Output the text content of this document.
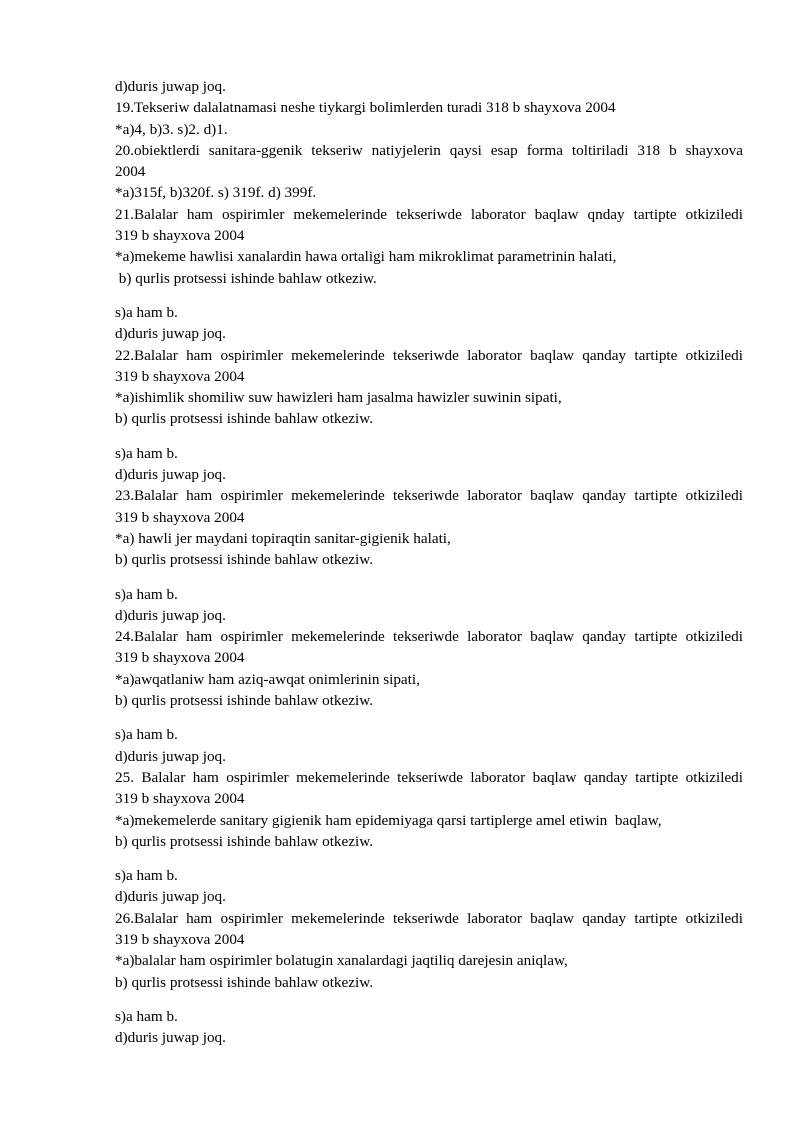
d)duris juwap joq.
19.Tekseriw dalalatnamasi neshe tiykargi bolimlerden turadi 318 b shayxova 2004
*a)4, b)3. s)2. d)1.
20.obiektlerdi sanitara-ggenik tekseriw natiyjelerin qaysi esap forma toltiriladi 318 b shayxova
2004
*a)315f, b)320f. s) 319f. d) 399f.
21.Balalar ham ospirimler mekemelerinde tekseriwde laborator baqlaw qnday tartipte otkiziledi
319 b shayxova 2004
*a)mekeme hawlisi xanalardin hawa ortaligi ham mikroklimat parametrinin halati,
b) qurlis protsessi ishinde bahlaw otkeziw.
s)a ham b.
d)duris juwap joq.
22.Balalar ham ospirimler mekemelerinde tekseriwde laborator baqlaw qanday tartipte otkiziledi
319 b shayxova 2004
*a)ishimlik shomiliw suw hawizleri ham jasalma hawizler suwinin sipati,
b) qurlis protsessi ishinde bahlaw otkeziw.
s)a ham b.
d)duris juwap joq.
23.Balalar ham ospirimler mekemelerinde tekseriwde laborator baqlaw qanday tartipte otkiziledi
319 b shayxova 2004
*a) hawli jer maydani topiraqtin sanitar-gigienik halati,
b) qurlis protsessi ishinde bahlaw otkeziw.
s)a ham b.
d)duris juwap joq.
24.Balalar ham ospirimler mekemelerinde tekseriwde laborator baqlaw qanday tartipte otkiziledi
319 b shayxova 2004
*a)awqatlaniw ham aziq-awqat onimlerinin sipati,
b) qurlis protsessi ishinde bahlaw otkeziw.
s)a ham b.
d)duris juwap joq.
25. Balalar ham ospirimler mekemelerinde tekseriwde laborator baqlaw qanday tartipte otkiziledi
319 b shayxova 2004
*a)mekemelerde sanitary gigienik ham epidemiyaga qarsi tartiplerge amel etiwin  baqlaw,
b) qurlis protsessi ishinde bahlaw otkeziw.
s)a ham b.
d)duris juwap joq.
26.Balalar ham ospirimler mekemelerinde tekseriwde laborator baqlaw qanday tartipte otkiziledi
319 b shayxova 2004
*a)balalar ham ospirimler bolatugin xanalardagi jaqtiliq darejesin aniqlaw,
b) qurlis protsessi ishinde bahlaw otkeziw.
s)a ham b.
d)duris juwap joq.
